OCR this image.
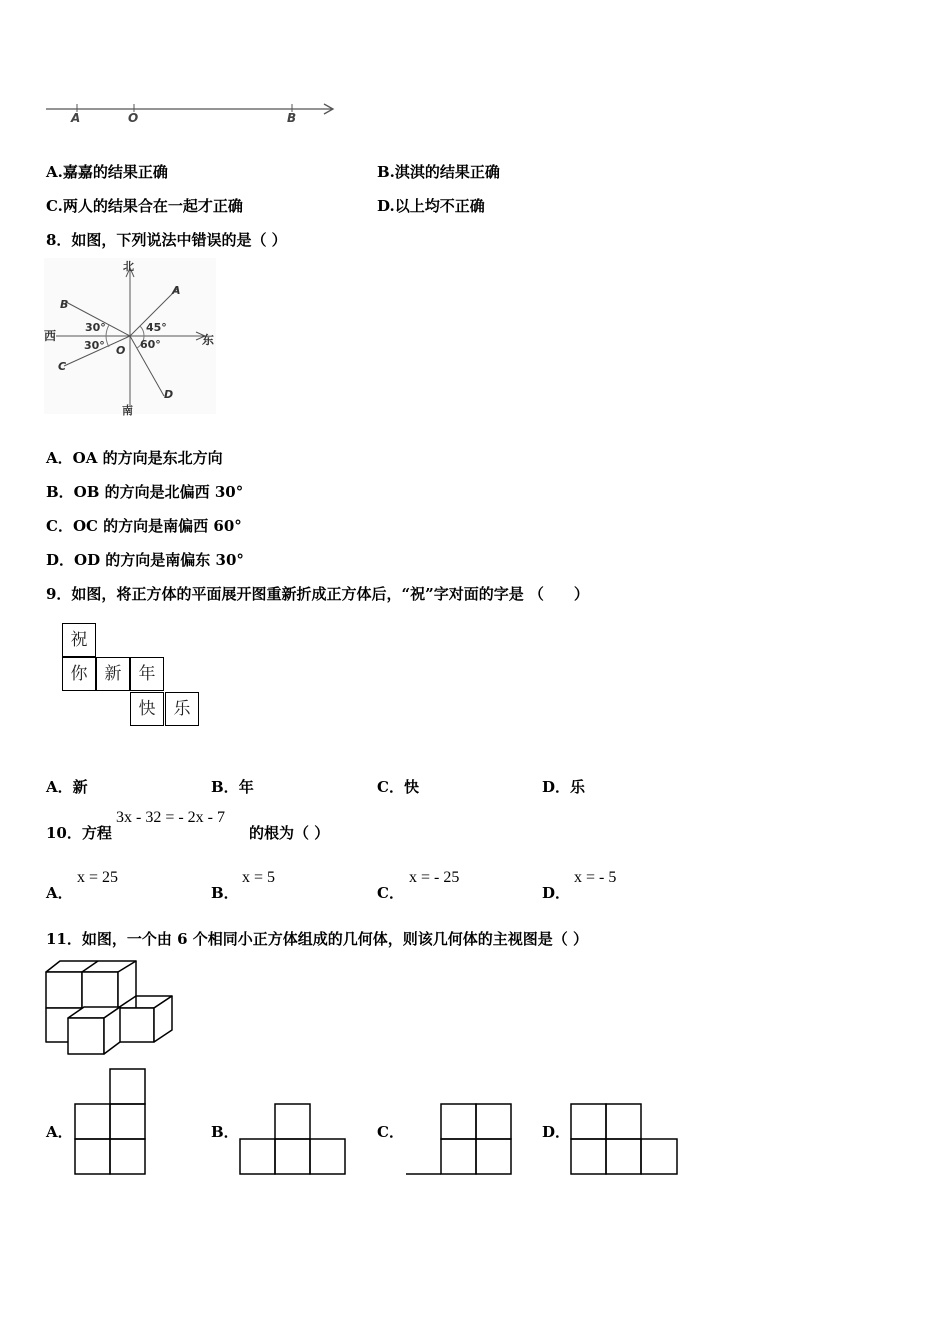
A	O	B
A.嘉嘉的结果正确	B.淇淇的结果正确
C.两人的结果合在一起才正确	D.以上均不正确
8．如图，下列说法中错误的是（ ）
北
南
东
西
A
B
C
D
O
30°
30°
45°
60°
A．OA 的方向是东北方向
B．OB 的方向是北偏西 30°
C．OC 的方向是南偏西 60°
D．OD 的方向是南偏东 30°
9．如图，将正方体的平面展开图重新折成正方体后，“祝”字对面的字是 （　　）
祝
你	新	年
快	乐
A．新	B．年	C．快	D．乐
10．方程
3x - 32 = - 2x - 7
的根为（ ）
A．
x = 25
B．
x = 5
C．
x = - 25
D．
x = - 5
11．如图，一个由 6 个相同小正方体组成的几何体，则该几何体的主视图是（ ）
A．	B．	C．	D．
